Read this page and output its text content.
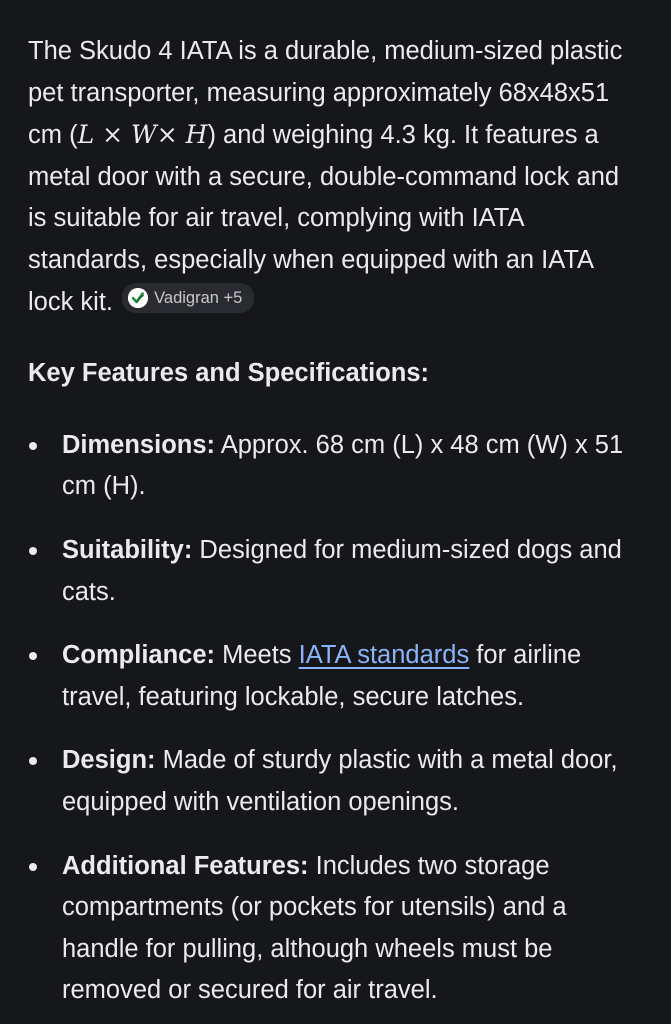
The Skudo 4 IATA is a durable, medium-sized plastic pet transporter, measuring approximately 68x48x51 cm (L × W× H) and weighing 4.3 kg. It features a metal door with a secure, double-command lock and is suitable for air travel, complying with IATA standards, especially when equipped with an IATA lock kit. Vadigran +5

Key Features and Specifications:
Dimensions: Approx. 68 cm (L) x 48 cm (W) x 51 cm (H).
Suitability: Designed for medium-sized dogs and cats.
Compliance: Meets IATA standards for airline travel, featuring lockable, secure latches.
Design: Made of sturdy plastic with a metal door, equipped with ventilation openings.
Additional Features: Includes two storage compartments (or pockets for utensils) and a handle for pulling, although wheels must be removed or secured for air travel.
